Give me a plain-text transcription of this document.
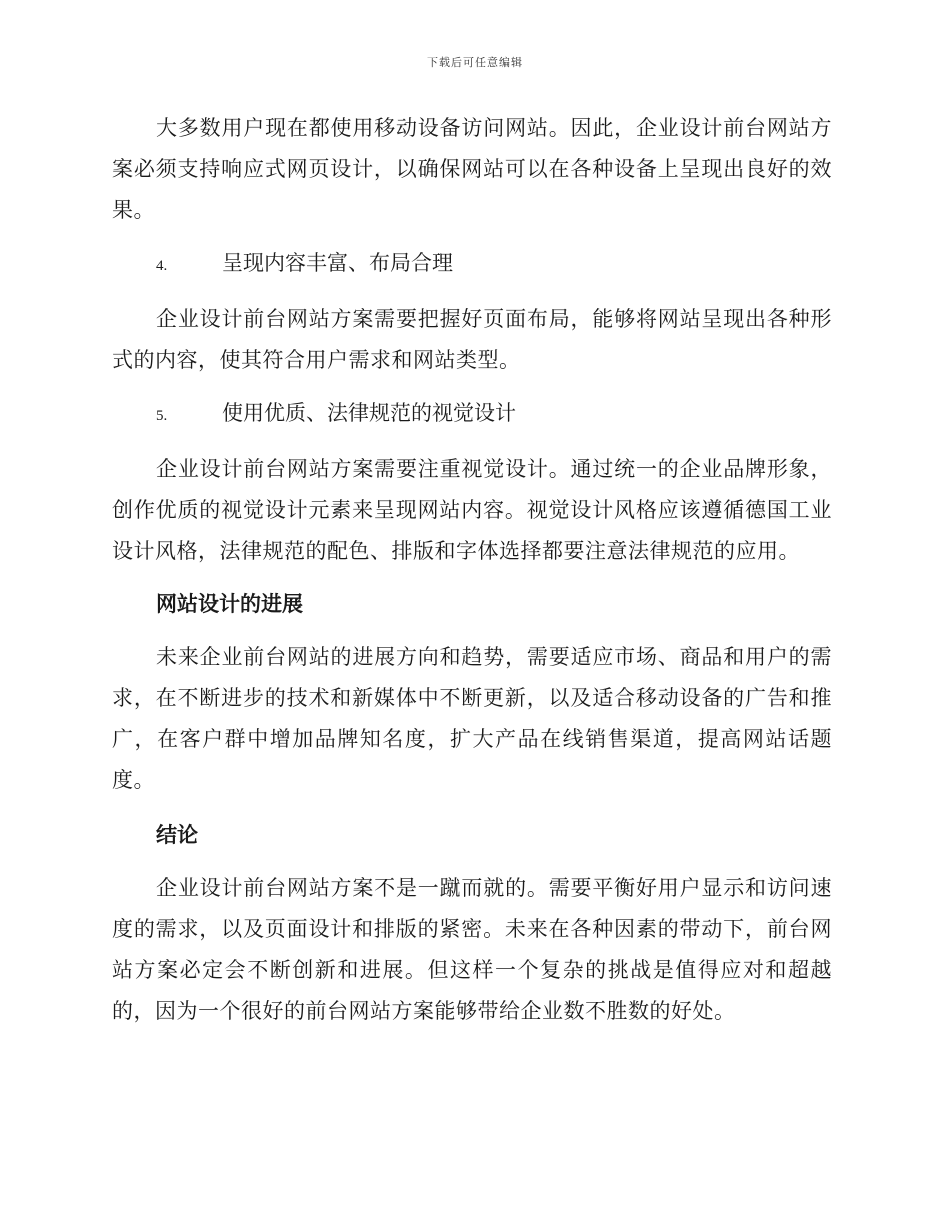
下载后可任意编辑

大多数用户现在都使用移动设备访问网站。因此，企业设计前台网站方案必须支持响应式网页设计，以确保网站可以在各种设备上呈现出良好的效果。

4.	呈现内容丰富、布局合理

企业设计前台网站方案需要把握好页面布局，能够将网站呈现出各种形式的内容，使其符合用户需求和网站类型。

5.	使用优质、法律规范的视觉设计

企业设计前台网站方案需要注重视觉设计。通过统一的企业品牌形象，创作优质的视觉设计元素来呈现网站内容。视觉设计风格应该遵循德国工业设计风格，法律规范的配色、排版和字体选择都要注意法律规范的应用。

网站设计的进展

未来企业前台网站的进展方向和趋势，需要适应市场、商品和用户的需求，在不断进步的技术和新媒体中不断更新，以及适合移动设备的广告和推广，在客户群中增加品牌知名度，扩大产品在线销售渠道，提高网站话题度。

结论

企业设计前台网站方案不是一蹴而就的。需要平衡好用户显示和访问速度的需求，以及页面设计和排版的紧密。未来在各种因素的带动下，前台网站方案必定会不断创新和进展。但这样一个复杂的挑战是值得应对和超越的，因为一个很好的前台网站方案能够带给企业数不胜数的好处。
